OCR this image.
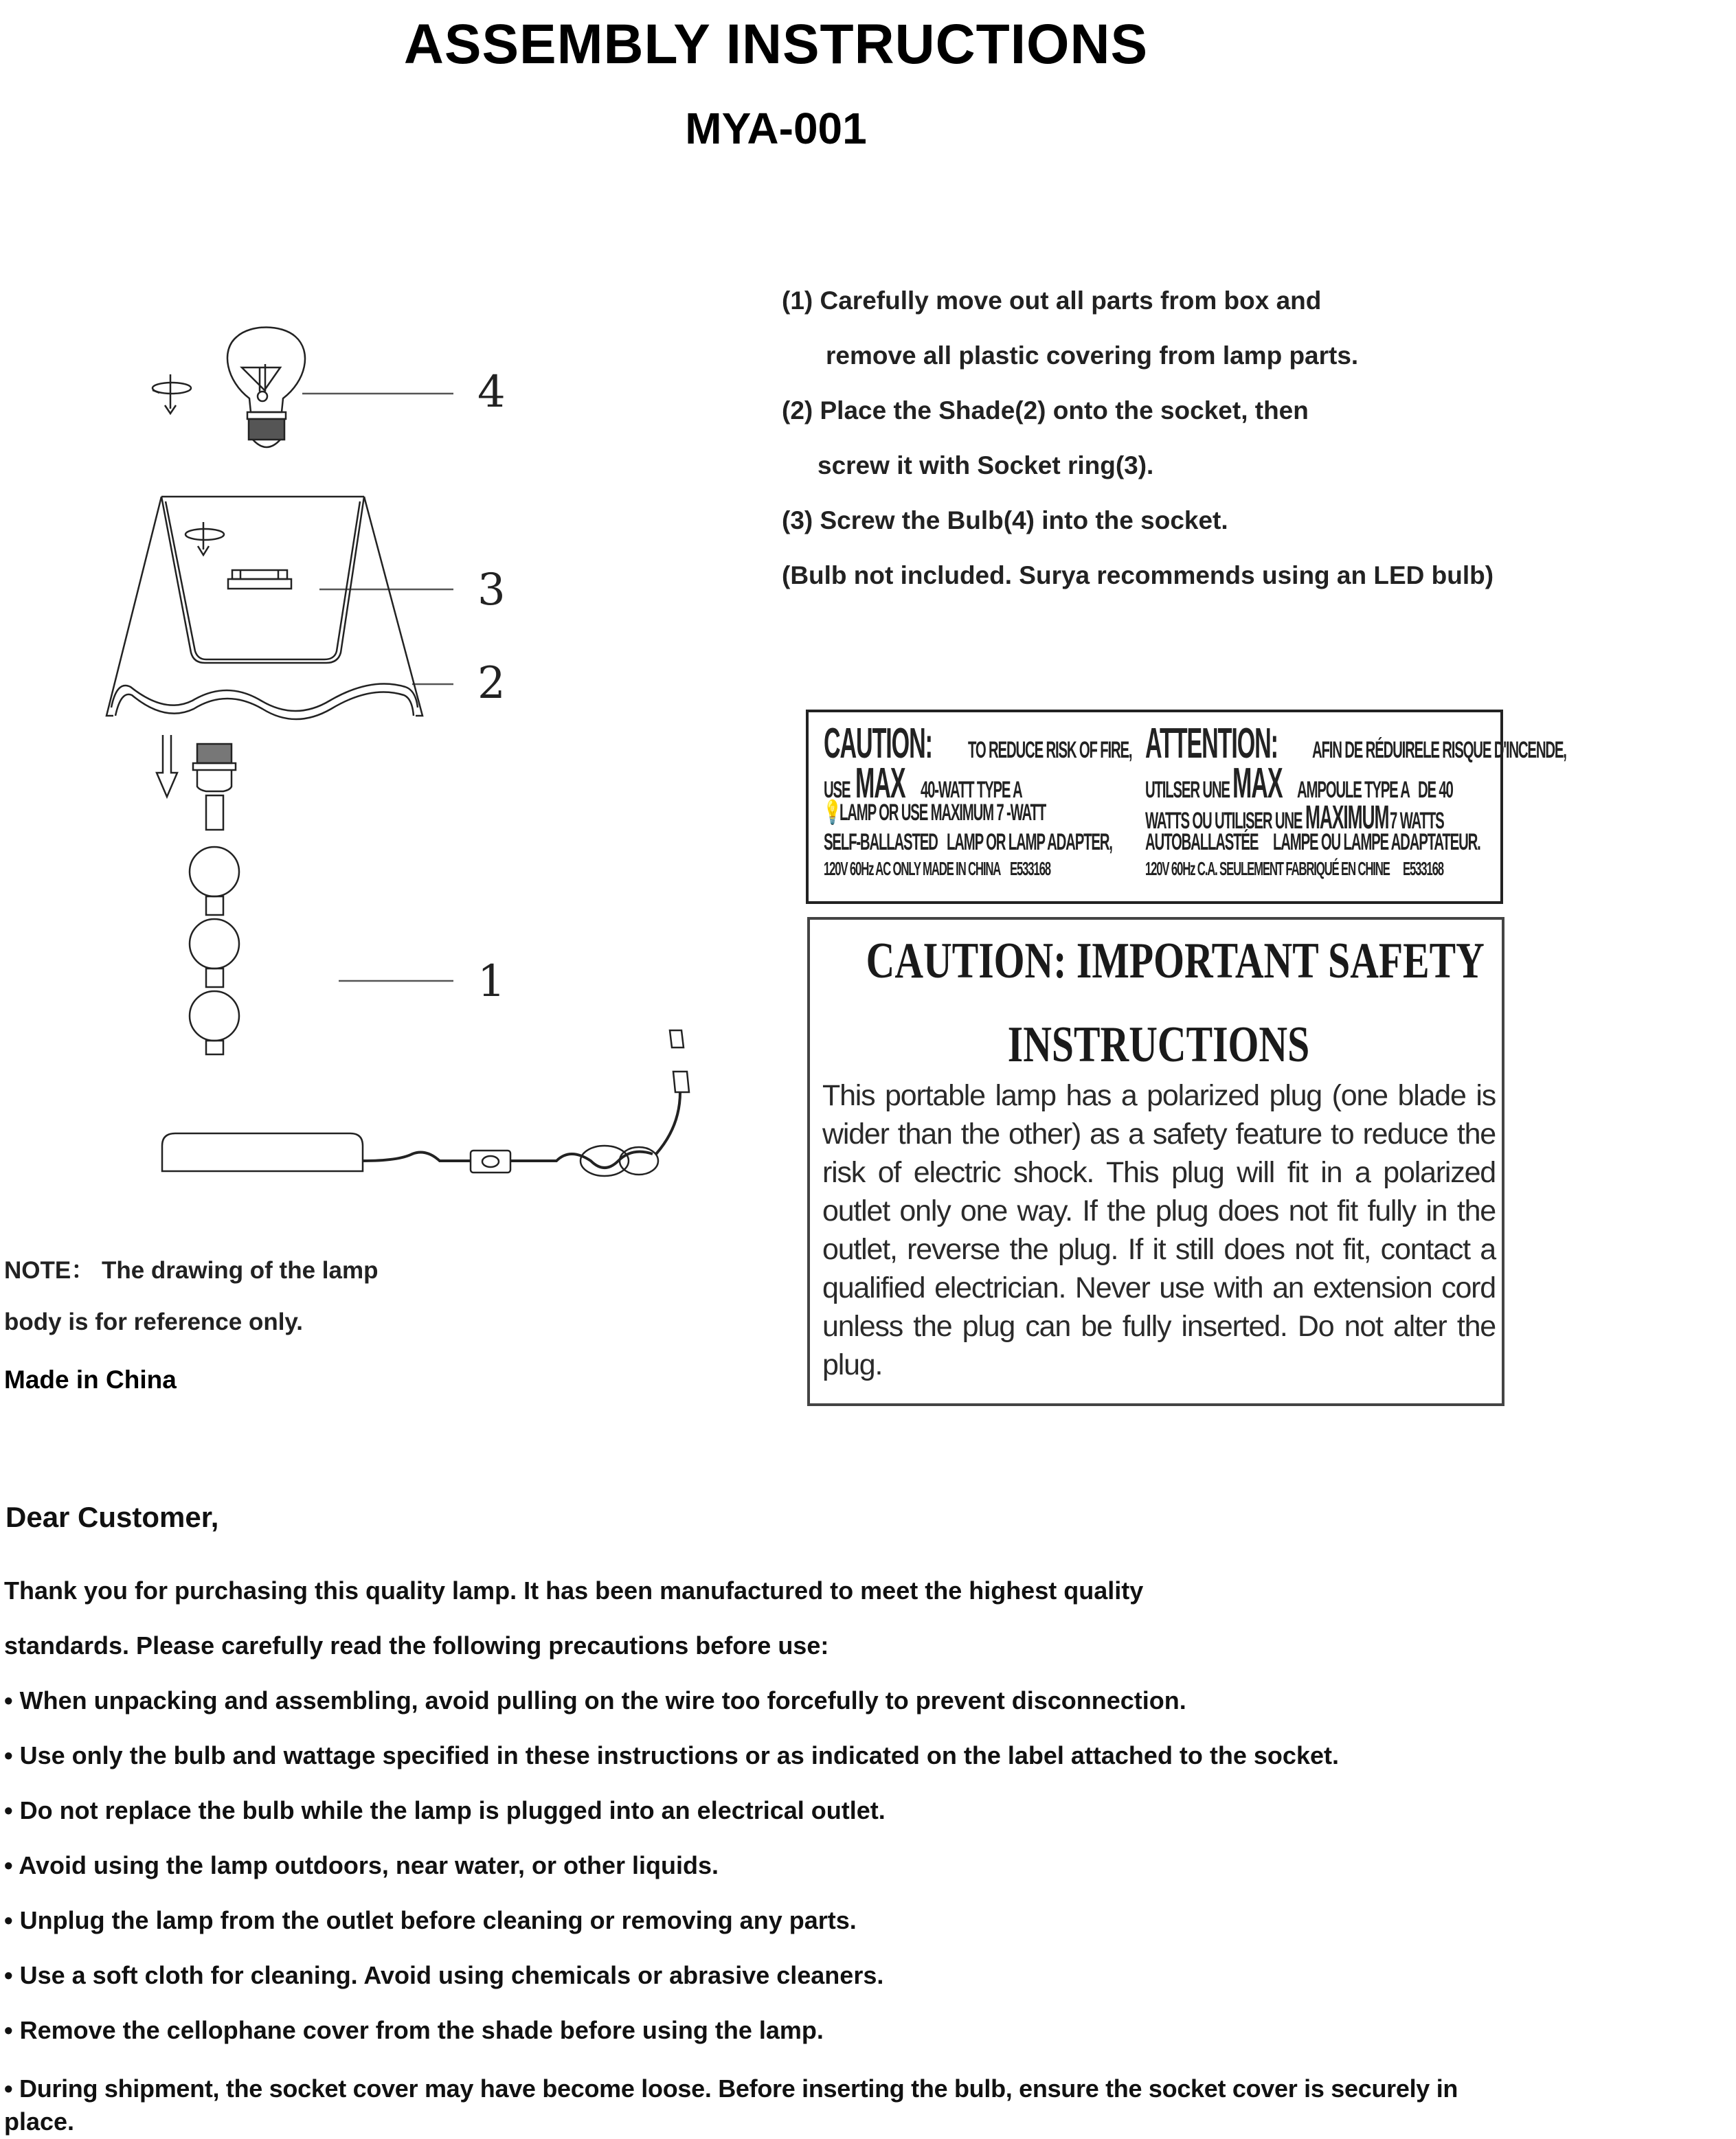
ASSEMBLY INSTRUCTIONS
MYA-001
(1) Carefully move out all parts from box and
remove all plastic covering from lamp parts.
(2) Place the Shade(2) onto the socket, then
screw it with Socket ring(3).
(3) Screw the Bulb(4) into the socket.
(Bulb not included. Surya recommends using an LED bulb)
4
3
2
1
CAUTION: TO REDUCE RISK OF FIRE,
USE MAX 40-WATT TYPE A
💡 LAMP OR USE MAXIMUM 7 -WATT
SELF-BALLASTED LAMP OR LAMP ADAPTER,
120V 60Hz AC ONLY MADE IN CHINA E533168
ATTENTION: AFIN DE RÉDUIRELE RISQUE D'INCENDE,
UTILSER UNE MAX AMPOULE TYPE A DE 40
WATTS OU UTILISER UNE MAXIMUM 7 WATTS
AUTOBALLASTÉE LAMPE OU LAMPE ADAPTATEUR.
120V 60Hz C.A. SEULEMENT FABRIQUÉ EN CHINE E533168
CAUTION: IMPORTANT SAFETY
INSTRUCTIONS
This portable lamp has a polarized plug (one blade is wider than the other) as a safety feature to reduce the risk of electric shock. This plug will fit in a polarized outlet only one way. If the plug does not fit fully in the outlet, reverse the plug. If it still does not fit, contact a qualified electrician. Never use with an extension cord unless the plug can be fully inserted. Do not alter the plug.
NOTE： The drawing of the lamp
body is for reference only.
Made in China
Dear Customer,
Thank you for purchasing this quality lamp. It has been manufactured to meet the highest quality
standards. Please carefully read the following precautions before use:
• When unpacking and assembling, avoid pulling on the wire too forcefully to prevent disconnection.
• Use only the bulb and wattage specified in these instructions or as indicated on the label attached to the socket.
• Do not replace the bulb while the lamp is plugged into an electrical outlet.
• Avoid using the lamp outdoors, near water, or other liquids.
• Unplug the lamp from the outlet before cleaning or removing any parts.
• Use a soft cloth for cleaning. Avoid using chemicals or abrasive cleaners.
• Remove the cellophane cover from the shade before using the lamp.
• During shipment, the socket cover may have become loose. Before inserting the bulb, ensure the socket cover is securely in
place.
